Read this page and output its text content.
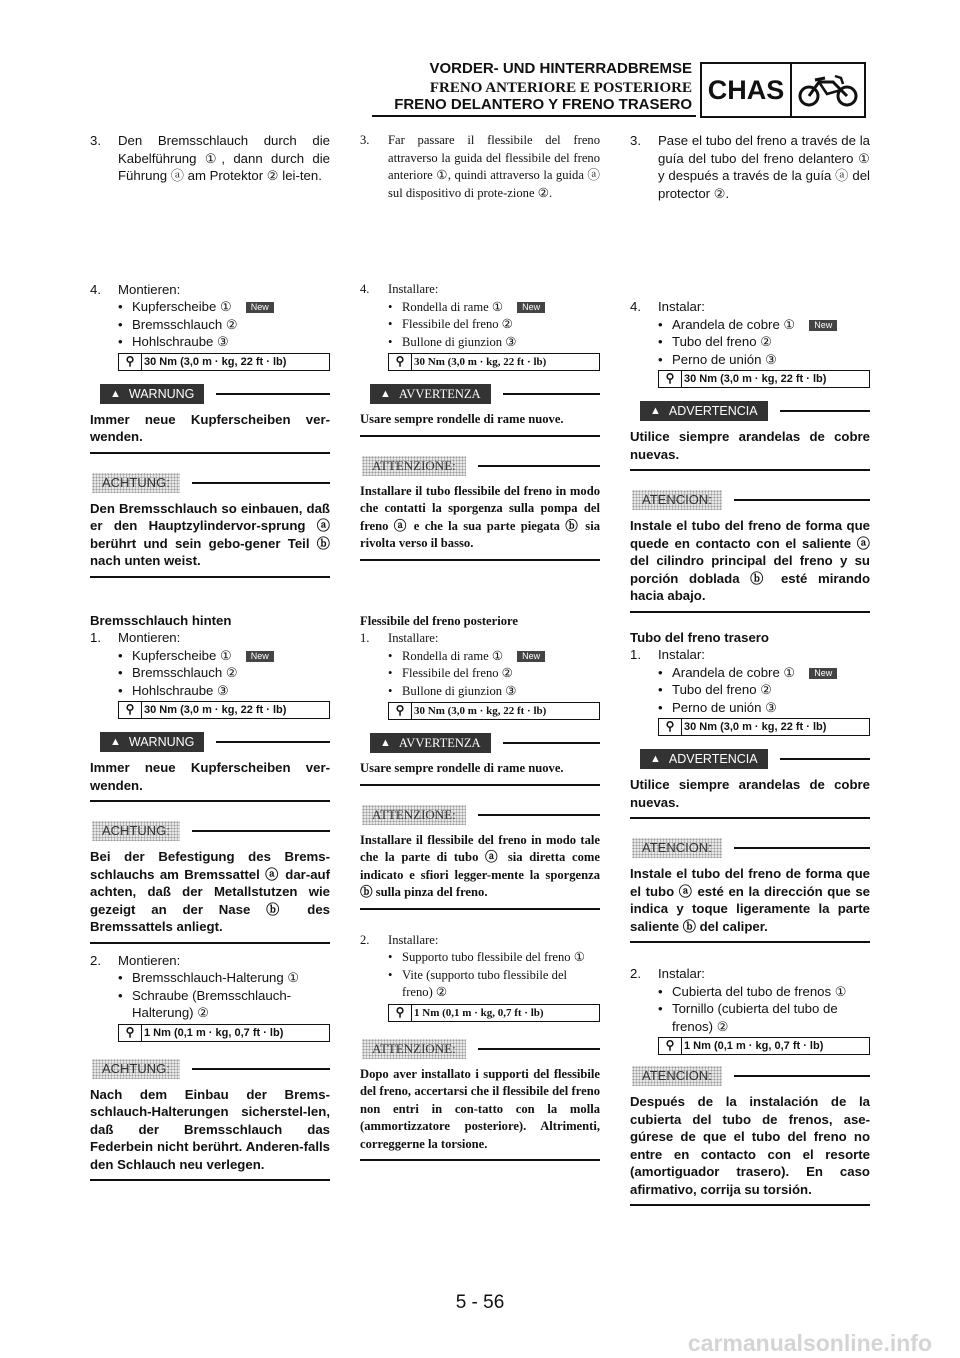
VORDER- UND HINTERRADBREMSE
FRENO ANTERIORE E POSTERIORE
FRENO DELANTERO Y FRENO TRASERO CHAS
3.	Den Bremsschlauch durch die Kabelführung ①, dann durch die Führung ⓐ am Protektor ② lei-ten.
4.	Montieren:
• Kupferscheibe ① New
• Bremsschlauch ②
• Hohlschraube ③
⚲ 30 Nm (3,0 m · kg, 22 ft · lb)
▲ WARNUNG
Immer neue Kupferscheiben ver-wenden.
ACHTUNG:
Den Bremsschlauch so einbauen, daß er den Hauptzylindervor-sprung ⓐ berührt und sein gebo-gener Teil ⓑ nach unten weist.
Bremsschlauch hinten
1.	Montieren:
• Kupferscheibe ① New
• Bremsschlauch ②
• Hohlschraube ③
⚲ 30 Nm (3,0 m · kg, 22 ft · lb)
▲ WARNUNG
Immer neue Kupferscheiben ver-wenden.
ACHTUNG:
Bei der Befestigung des Brems-schlauchs am Bremssattel ⓐ dar-auf achten, daß der Metallstutzen wie gezeigt an der Nase ⓑ des Bremssattels anliegt.
2.	Montieren:
• Bremsschlauch-Halterung ①
• Schraube (Bremsschlauch-Halterung) ②
⚲ 1 Nm (0,1 m · kg, 0,7 ft · lb)
ACHTUNG:
Nach dem Einbau der Brems-schlauch-Halterungen sicherstel-len, daß der Bremsschlauch das Federbein nicht berührt. Anderen-falls den Schlauch neu verlegen.
3.	Far passare il flessibile del freno attraverso la guida del flessibile del freno anteriore ①, quindi attraverso la guida ⓐ sul dispositivo di prote-zione ②.
4.	Installare:
• Rondella di rame ① New
• Flessibile del freno ②
• Bullone di giunzion ③
⚲ 30 Nm (3,0 m · kg, 22 ft · lb)
▲ AVVERTENZA
Usare sempre rondelle di rame nuove.
ATTENZIONE:
Installare il tubo flessibile del freno in modo che contatti la sporgenza sulla pompa del freno ⓐ e che la sua parte piegata ⓑ sia rivolta verso il basso.
Flessibile del freno posteriore
1.	Installare:
• Rondella di rame ① New
• Flessibile del freno ②
• Bullone di giunzion ③
⚲ 30 Nm (3,0 m · kg, 22 ft · lb)
▲ AVVERTENZA
Usare sempre rondelle di rame nuove.
ATTENZIONE:
Installare il flessibile del freno in modo tale che la parte di tubo ⓐ sia diretta come indicato e sfiori legger-mente la sporgenza ⓑ sulla pinza del freno.
2.	Installare:
• Supporto tubo flessibile del freno ①
• Vite (supporto tubo flessibile del freno) ②
⚲ 1 Nm (0,1 m · kg, 0,7 ft · lb)
ATTENZIONE:
Dopo aver installato i supporti del flessibile del freno, accertarsi che il flessibile del freno non entri in con-tatto con la molla (ammortizzatore posteriore). Altrimenti, correggerne la torsione.
3.	Pase el tubo del freno a través de la guía del tubo del freno delantero ① y después a través de la guía ⓐ del protector ②.
4.	Instalar:
• Arandela de cobre ① New
• Tubo del freno ②
• Perno de unión ③
⚲ 30 Nm (3,0 m · kg, 22 ft · lb)
▲ ADVERTENCIA
Utilice siempre arandelas de cobre nuevas.
ATENCION:
Instale el tubo del freno de forma que quede en contacto con el saliente ⓐ del cilindro principal del freno y su porción doblada ⓑ esté mirando hacia abajo.
Tubo del freno trasero
1.	Instalar:
• Arandela de cobre ① New
• Tubo del freno ②
• Perno de unión ③
⚲ 30 Nm (3,0 m · kg, 22 ft · lb)
▲ ADVERTENCIA
Utilice siempre arandelas de cobre nuevas.
ATENCION:
Instale el tubo del freno de forma que el tubo ⓐ esté en la dirección que se indica y toque ligeramente la parte saliente ⓑ del caliper.
2.	Instalar:
• Cubierta del tubo de frenos ①
• Tornillo (cubierta del tubo de frenos) ②
⚲ 1 Nm (0,1 m · kg, 0,7 ft · lb)
ATENCION:
Después de la instalación de la cubierta del tubo de frenos, ase-gúrese de que el tubo del freno no entre en contacto con el resorte (amortiguador trasero). En caso afirmativo, corrija su torsión.
5 - 56
carmanualsonline.info
